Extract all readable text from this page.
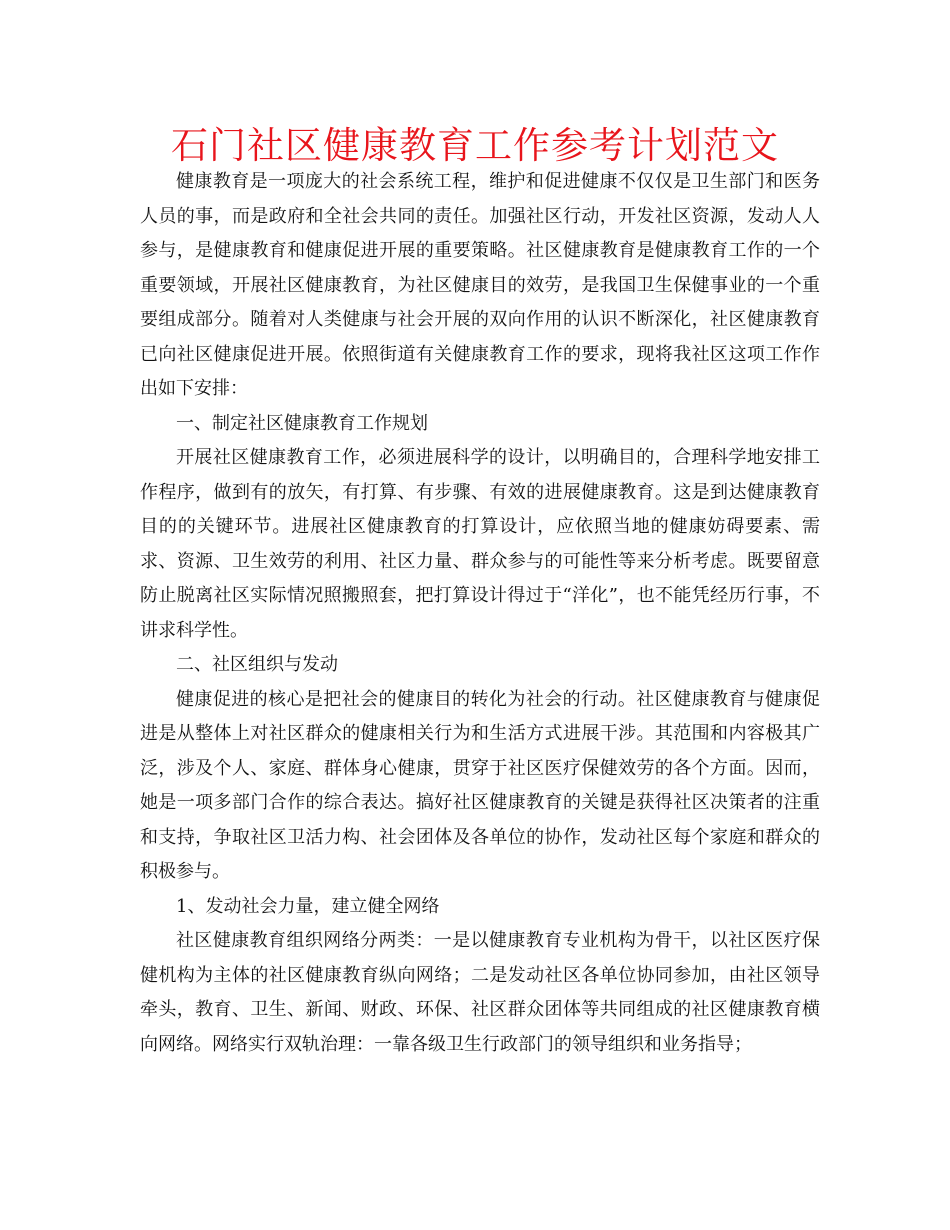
石门社区健康教育工作参考计划范文

健康教育是一项庞大的社会系统工程，维护和促进健康不仅仅是卫生部门和医务人员的事，而是政府和全社会共同的责任。加强社区行动，开发社区资源，发动人人参与，是健康教育和健康促进开展的重要策略。社区健康教育是健康教育工作的一个重要领域，开展社区健康教育，为社区健康目的效劳，是我国卫生保健事业的一个重要组成部分。随着对人类健康与社会开展的双向作用的认识不断深化，社区健康教育已向社区健康促进开展。依照街道有关健康教育工作的要求，现将我社区这项工作作出如下安排：

一、制定社区健康教育工作规划

开展社区健康教育工作，必须进展科学的设计，以明确目的，合理科学地安排工作程序，做到有的放矢，有打算、有步骤、有效的进展健康教育。这是到达健康教育目的的关键环节。进展社区健康教育的打算设计，应依照当地的健康妨碍要素、需求、资源、卫生效劳的利用、社区力量、群众参与的可能性等来分析考虑。既要留意防止脱离社区实际情况照搬照套，把打算设计得过于“洋化”，也不能凭经历行事，不讲求科学性。

二、社区组织与发动

健康促进的核心是把社会的健康目的转化为社会的行动。社区健康教育与健康促进是从整体上对社区群众的健康相关行为和生活方式进展干涉。其范围和内容极其广泛，涉及个人、家庭、群体身心健康，贯穿于社区医疗保健效劳的各个方面。因而，她是一项多部门合作的综合表达。搞好社区健康教育的关键是获得社区决策者的注重和支持，争取社区卫活力构、社会团体及各单位的协作，发动社区每个家庭和群众的积极参与。

1、发动社会力量，建立健全网络

社区健康教育组织网络分两类：一是以健康教育专业机构为骨干，以社区医疗保健机构为主体的社区健康教育纵向网络；二是发动社区各单位协同参加，由社区领导牵头，教育、卫生、新闻、财政、环保、社区群众团体等共同组成的社区健康教育横向网络。网络实行双轨治理：一靠各级卫生行政部门的领导组织和业务指导；
